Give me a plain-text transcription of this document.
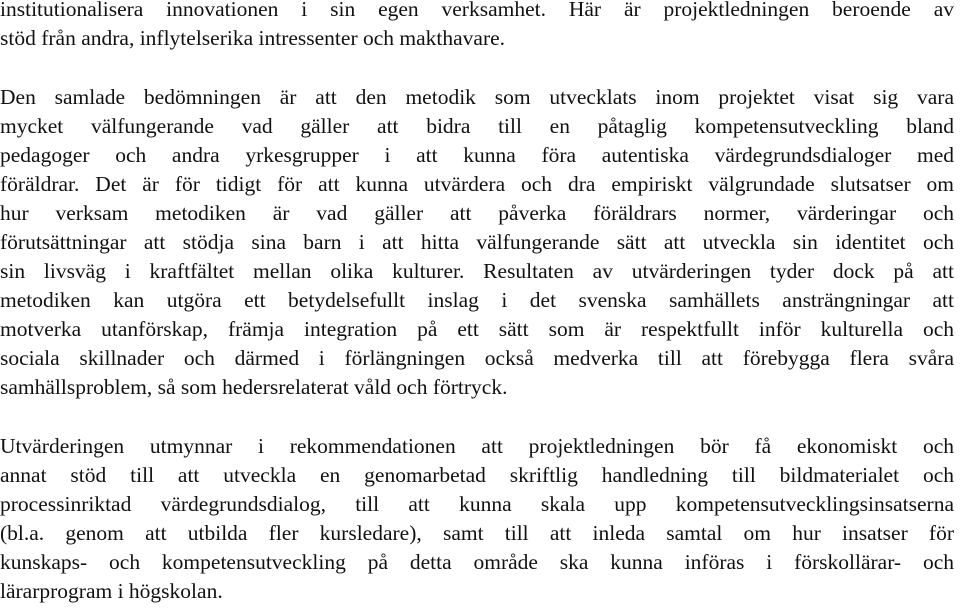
institutionalisera innovationen i sin egen verksamhet. Här är projektledningen beroende av
stöd från andra, inflytelserika intressenter och makthavare.
Den samlade bedömningen är att den metodik som utvecklats inom projektet visat sig vara
mycket välfungerande vad gäller att bidra till en påtaglig kompetensutveckling bland
pedagoger och andra yrkesgrupper i att kunna föra autentiska värdegrundsdialoger med
föräldrar. Det är för tidigt för att kunna utvärdera och dra empiriskt välgrundade slutsatser om
hur verksam metodiken är vad gäller att påverka föräldrars normer, värderingar och
förutsättningar att stödja sina barn i att hitta välfungerande sätt att utveckla sin identitet och
sin livsväg i kraftfältet mellan olika kulturer. Resultaten av utvärderingen tyder dock på att
metodiken kan utgöra ett betydelsefullt inslag i det svenska samhällets ansträngningar att
motverka utanförskap, främja integration på ett sätt som är respektfullt inför kulturella och
sociala skillnader och därmed i förlängningen också medverka till att förebygga flera svåra
samhällsproblem, så som hedersrelaterat våld och förtryck.
Utvärderingen utmynnar i rekommendationen att projektledningen bör få ekonomiskt och
annat stöd till att utveckla en genomarbetad skriftlig handledning till bildmaterialet och
processinriktad värdegrundsdialog, till att kunna skala upp kompetensutvecklingsinsatserna
(bl.a. genom att utbilda fler kursledare), samt till att inleda samtal om hur insatser för
kunskaps- och kompetensutveckling på detta område ska kunna införas i förskollärar- och
lärarprogram i högskolan.
